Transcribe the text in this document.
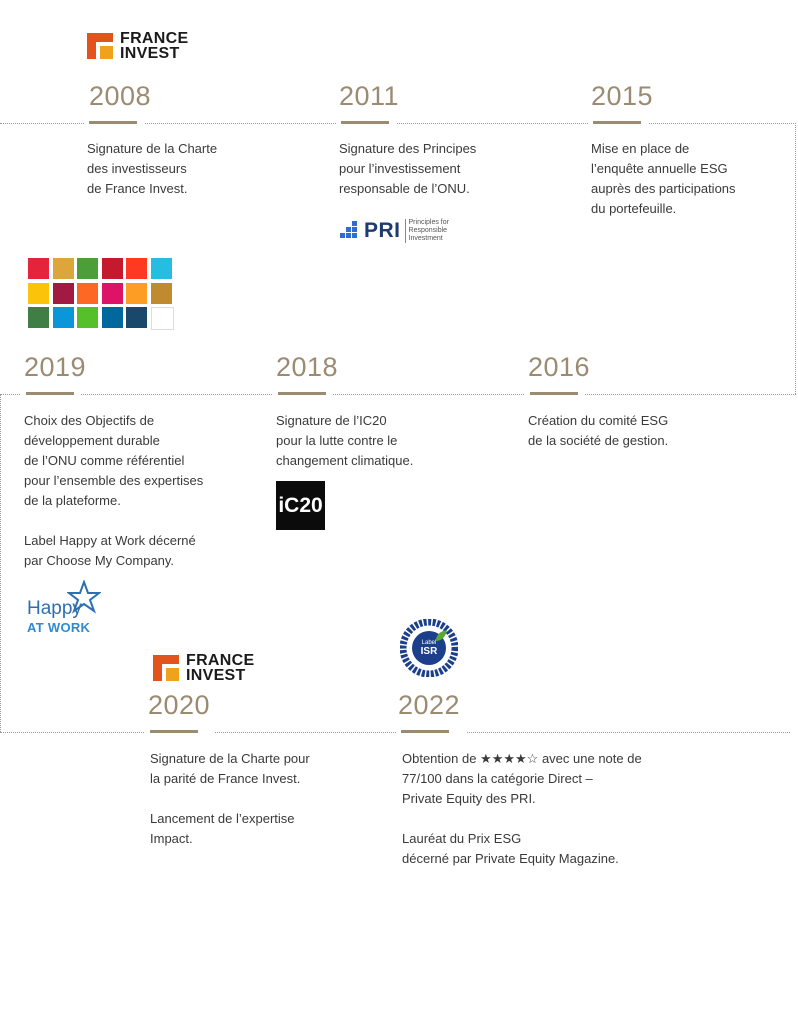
FRANCE
INVEST
2008
Signature de la Charte
des investisseurs
de France Invest.
2011
Signature des Principes
pour l’investissement
responsable de l’ONU.
PRI	Principles for
Responsible
Investment
2015
Mise en place de
l’enquête annuelle ESG
auprès des participations
du portefeuille.
2019
Choix des Objectifs de
développement durable
de l’ONU comme référentiel
pour l’ensemble des expertises
de la plateforme.

Label Happy at Work décerné
par Choose My Company.
Happy
AT WORK
2018
Signature de l’IC20
pour la lutte contre le
changement climatique.
iC20
2016
Création du comité ESG
de la société de gestion.
FRANCE
INVEST
Label
ISR
2020
Signature de la Charte pour
la parité de France Invest.

Lancement de l’expertise
Impact.
2022
Obtention de ★★★★☆ avec une note de
77/100 dans la catégorie Direct –
Private Equity des PRI.

Lauréat du Prix ESG
décerné par Private Equity Magazine.
